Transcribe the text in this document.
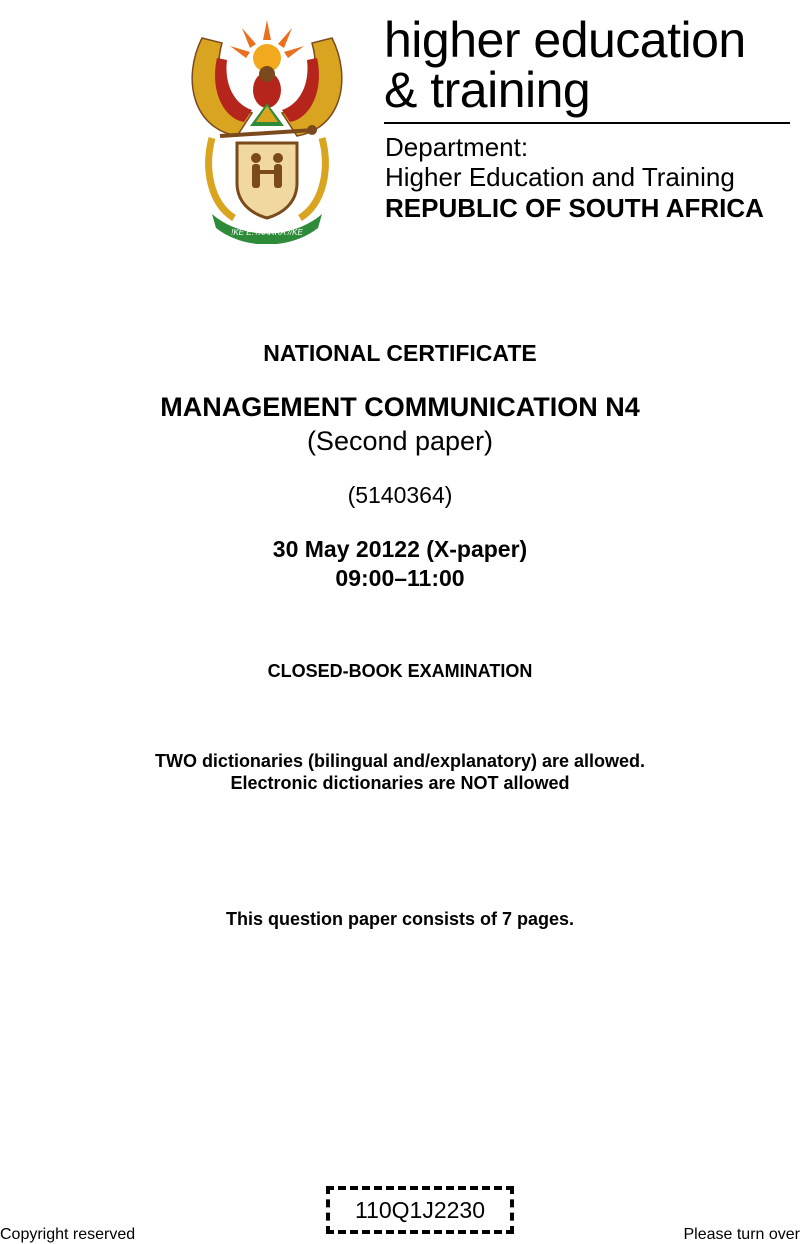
!KE E: /XARRA //KE
higher education
& training
Department:
Higher Education and Training
REPUBLIC OF SOUTH AFRICA
NATIONAL CERTIFICATE
MANAGEMENT COMMUNICATION N4
(Second paper)
(5140364)
30 May 20122 (X-paper)
09:00–11:00
CLOSED-BOOK EXAMINATION
TWO dictionaries (bilingual and/explanatory) are allowed.
Electronic dictionaries are NOT allowed
This question paper consists of 7 pages.
110Q1J2230
Copyright reserved	Please turn over
